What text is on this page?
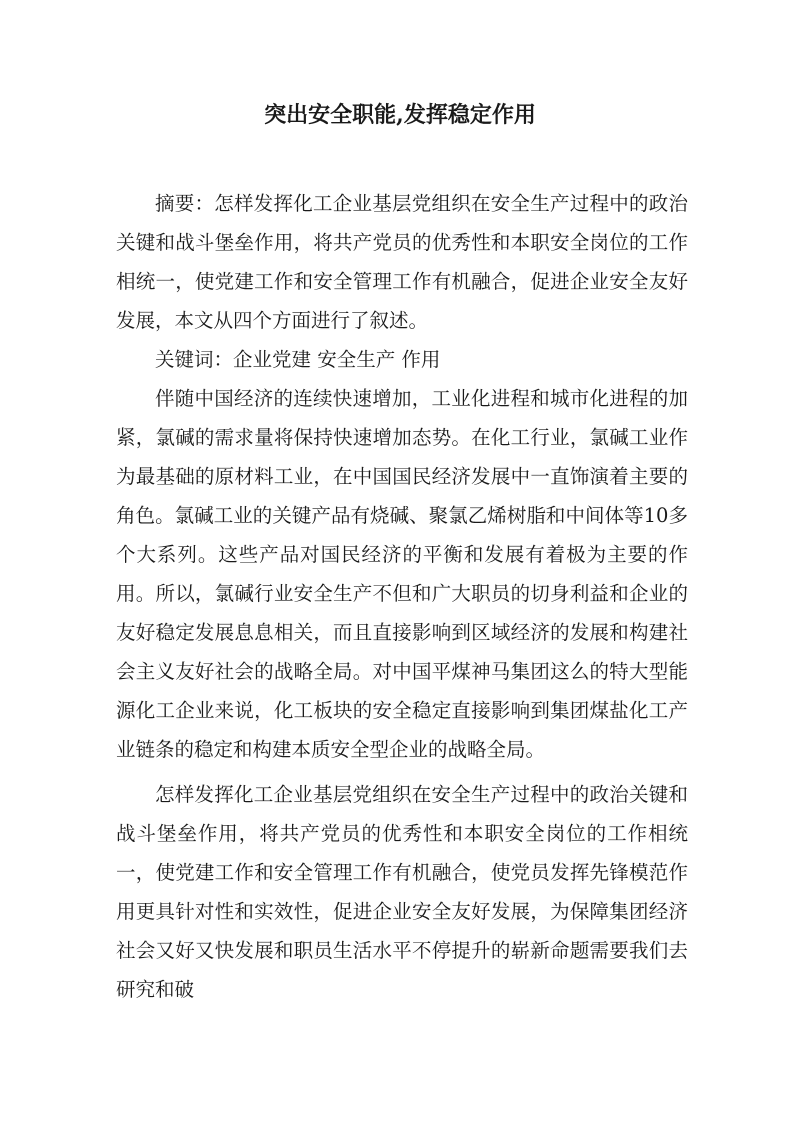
突出安全职能,发挥稳定作用

摘要：怎样发挥化工企业基层党组织在安全生产过程中的政治关键和战斗堡垒作用，将共产党员的优秀性和本职安全岗位的工作相统一，使党建工作和安全管理工作有机融合，促进企业安全友好发展，本文从四个方面进行了叙述。

关键词：企业党建 安全生产 作用

伴随中国经济的连续快速增加，工业化进程和城市化进程的加紧，氯碱的需求量将保持快速增加态势。在化工行业，氯碱工业作为最基础的原材料工业，在中国国民经济发展中一直饰演着主要的角色。氯碱工业的关键产品有烧碱、聚氯乙烯树脂和中间体等10多个大系列。这些产品对国民经济的平衡和发展有着极为主要的作用。所以，氯碱行业安全生产不但和广大职员的切身利益和企业的友好稳定发展息息相关，而且直接影响到区域经济的发展和构建社会主义友好社会的战略全局。对中国平煤神马集团这么的特大型能源化工企业来说，化工板块的安全稳定直接影响到集团煤盐化工产业链条的稳定和构建本质安全型企业的战略全局。

怎样发挥化工企业基层党组织在安全生产过程中的政治关键和战斗堡垒作用，将共产党员的优秀性和本职安全岗位的工作相统一，使党建工作和安全管理工作有机融合，使党员发挥先锋模范作用更具针对性和实效性，促进企业安全友好发展，为保障集团经济社会又好又快发展和职员生活水平不停提升的崭新命题需要我们去研究和破
